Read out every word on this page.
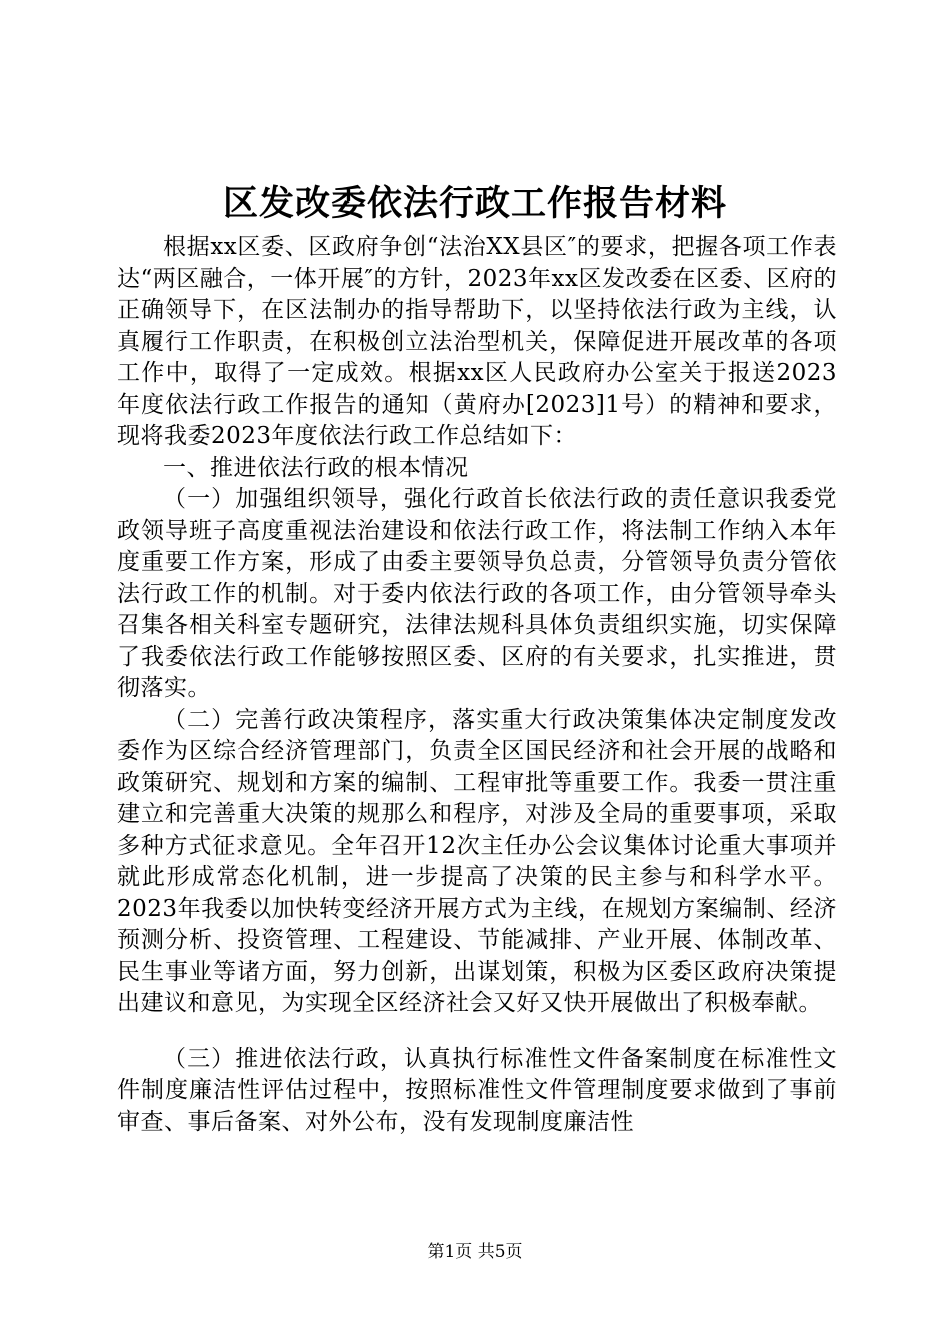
区发改委依法行政工作报告材料

根据xx区委、区政府争创“法治XX县区″的要求，把握各项工作表达“两区融合，一体开展″的方针，2023年xx区发改委在区委、区府的正确领导下，在区法制办的指导帮助下，以坚持依法行政为主线，认真履行工作职责，在积极创立法治型机关，保障促进开展改革的各项工作中，取得了一定成效。根据xx区人民政府办公室关于报送2023年度依法行政工作报告的通知（黄府办[2023]1号）的精神和要求，现将我委2023年度依法行政工作总结如下：

一、推进依法行政的根本情况

（一）加强组织领导，强化行政首长依法行政的责任意识我委党政领导班子高度重视法治建设和依法行政工作，将法制工作纳入本年度重要工作方案，形成了由委主要领导负总责，分管领导负责分管依法行政工作的机制。对于委内依法行政的各项工作，由分管领导牵头召集各相关科室专题研究，法律法规科具体负责组织实施，切实保障了我委依法行政工作能够按照区委、区府的有关要求，扎实推进，贯彻落实。

（二）完善行政决策程序，落实重大行政决策集体决定制度发改委作为区综合经济管理部门，负责全区国民经济和社会开展的战略和政策研究、规划和方案的编制、工程审批等重要工作。我委一贯注重建立和完善重大决策的规那么和程序，对涉及全局的重要事项，采取多种方式征求意见。全年召开12次主任办公会议集体讨论重大事项并就此形成常态化机制，进一步提高了决策的民主参与和科学水平。2023年我委以加快转变经济开展方式为主线，在规划方案编制、经济预测分析、投资管理、工程建设、节能减排、产业开展、体制改革、民生事业等诸方面，努力创新，出谋划策，积极为区委区政府决策提出建议和意见，为实现全区经济社会又好又快开展做出了积极奉献。

（三）推进依法行政，认真执行标准性文件备案制度在标准性文件制度廉洁性评估过程中，按照标准性文件管理制度要求做到了事前审查、事后备案、对外公布，没有发现制度廉洁性

第1页 共5页
